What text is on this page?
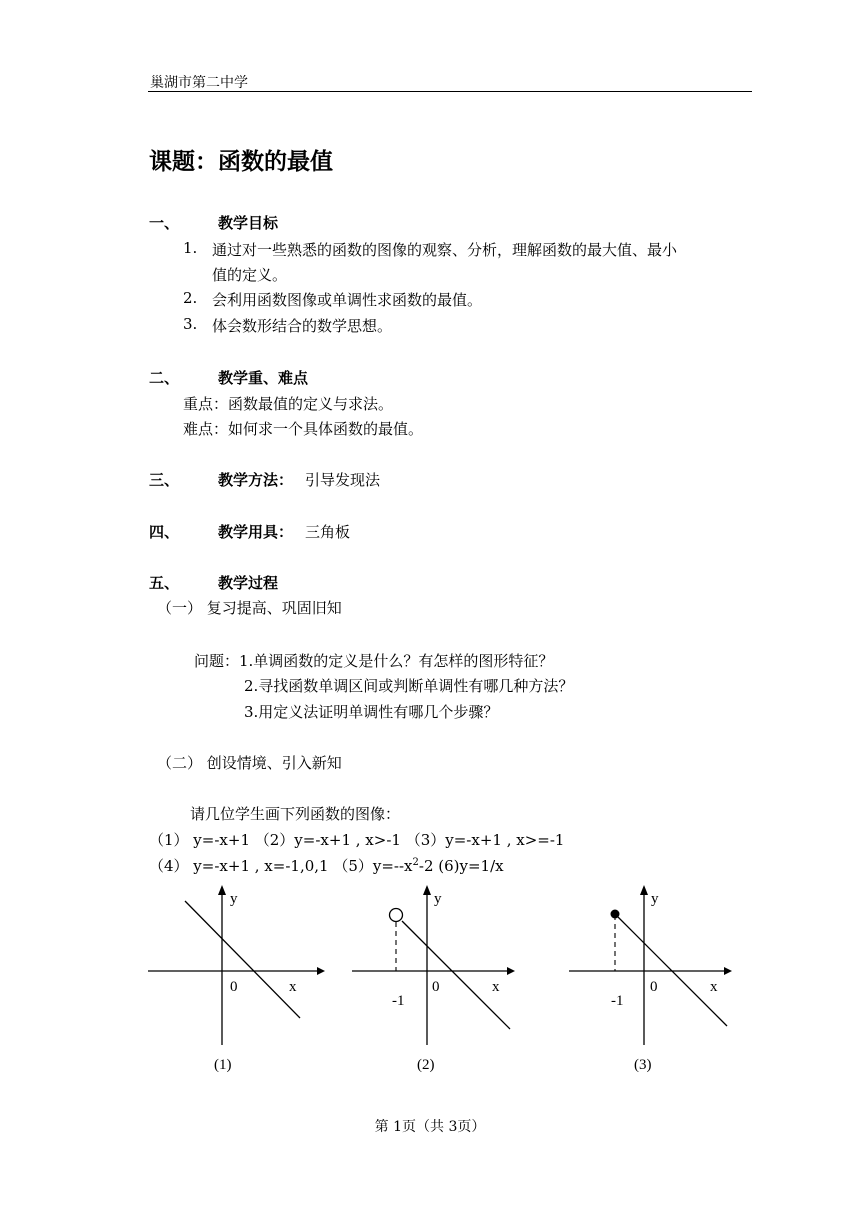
巢湖市第二中学
课题：函数的最值
一、	教学目标
1. 通过对一些熟悉的函数的图像的观察、分析，理解函数的最大值、最小
值的定义。
2. 会利用函数图像或单调性求函数的最值。
3. 体会数形结合的数学思想。
二、	教学重、难点
重点：函数最值的定义与求法。
难点：如何求一个具体函数的最值。
三、	教学方法： 引导发现法
四、	教学用具： 三角板
五、	教学过程
（一） 复习提高、巩固旧知
问题：1.单调函数的定义是什么？有怎样的图形特征？
2.寻找函数单调区间或判断单调性有哪几种方法？
3.用定义法证明单调性有哪几个步骤？
（二） 创设情境、引入新知
请几位学生画下列函数的图像：
（1） y=-x+1 （2）y=-x+1 , x>-1 （3）y=-x+1 , x>=-1
（4） y=-x+1 , x=-1,0,1 $(5)y=--x^2-2$ (6)y=1/x
y
0	x
(1)
y
0	x
-1
(2)
y
0	x
-1
(3)
第 1页（共 3页）
